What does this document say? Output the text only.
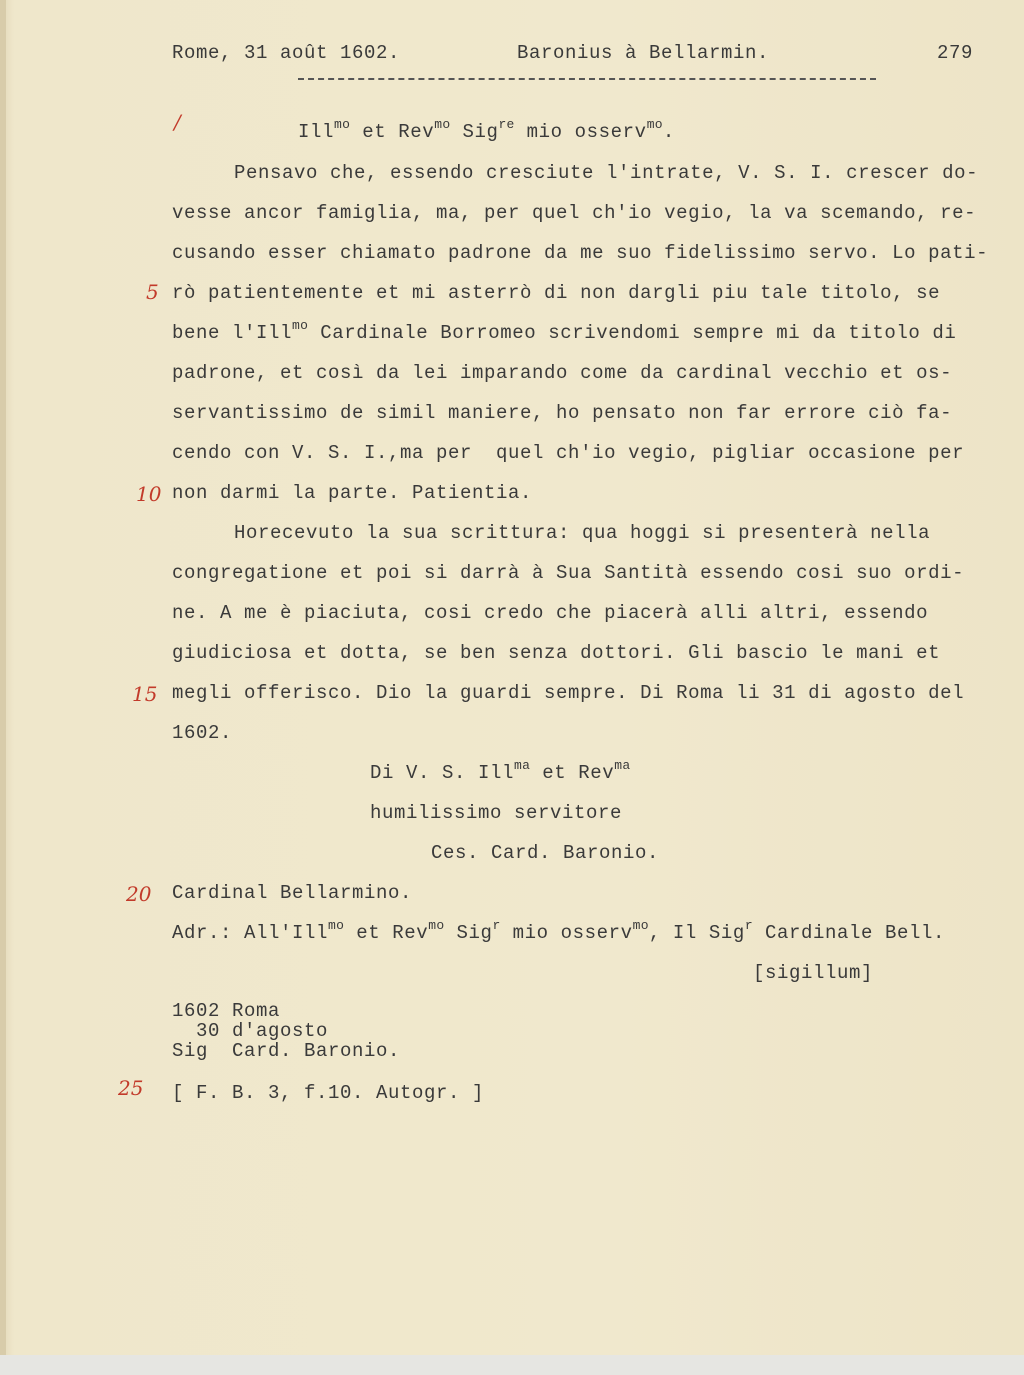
Rome, 31 août 1602.	Baronius à Bellarmin.	279
Ill$^{mo}$ et Rev$^{mo}$ Sig$^{re}$ mio osserv$^{mo}$.
Pensavo che, essendo cresciute l'intrate, V. S. I. crescer do-
vesse ancor famiglia, ma, per quel ch'io vegio, la va scemando, re-
cusando esser chiamato padrone da me suo fidelissimo servo. Lo pati-
rò patientemente et mi asterrò di non dargli piu tale titolo, se
bene l'Ill$^{mo}$ Cardinale Borromeo scrivendomi sempre mi da titolo di
padrone, et così da lei imparando come da cardinal vecchio et os-
servantissimo de simil maniere, ho pensato non far errore ciò fa-
cendo con V. S. I.,ma per  quel ch'io vegio, pigliar occasione per
non darmi la parte. Patientia.
Horecevuto la sua scrittura: qua hoggi si presenterà nella
congregatione et poi si darrà à Sua Santità essendo cosi suo ordi-
ne. A me è piaciuta, cosi credo che piacerà alli altri, essendo
giudiciosa et dotta, se ben senza dottori. Gli bascio le mani et
megli offerisco. Dio la guardi sempre. Di Roma li 31 di agosto del
1602.
Di V. S. Ill$^{ma}$ et Rev$^{ma}$
humilissimo servitore
Ces. Card. Baronio.
Cardinal Bellarmino.
Adr.: All'Ill$^{mo}$ et Rev$^{mo}$ Sig$^r$ mio osserv$^{mo}$, Il Sig$^r$ Cardinale Bell.
[sigillum]
1602 Roma
30 d'agosto
Sig  Card. Baronio.
[ F. B. 3, f.10. Autogr. ]
/
5
10
15
20
25
